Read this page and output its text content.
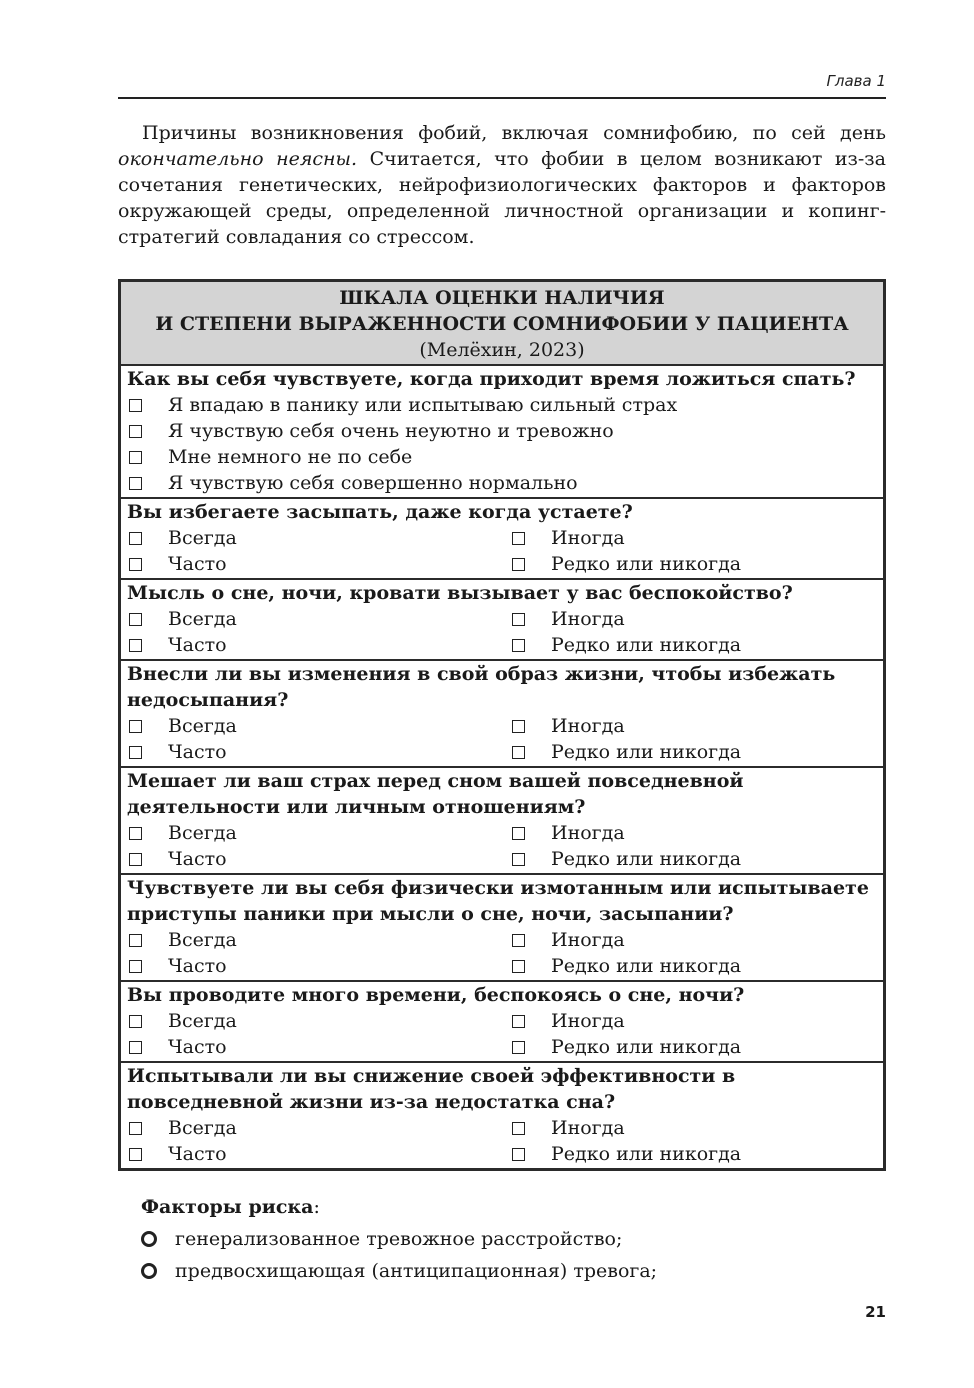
Глава 1

Причины возникновения фобий, включая сомнифобию, по сей день окончательно неясны. Считается, что фобии в целом возникают из-за сочетания генетических, нейрофизиологических факторов и факторов окружающей среды, определенной личностной организации и копинг-стратегий совладания со стрессом.

ШКАЛА ОЦЕНКИ НАЛИЧИЯ
И СТЕПЕНИ ВЫРАЖЕННОСТИ СОМНИФОБИИ У ПАЦИЕНТА
(Мелёхин, 2023)
Как вы себя чувствуете, когда приходит время ложиться спать?
Я впадаю в панику или испытываю сильный страх
Я чувствую себя очень неуютно и тревожно
Мне немного не по себе
Я чувствую себя совершенно нормально
Вы избегаете засыпать, даже когда устаете?
Всегда	Иногда
Часто	Редко или никогда
Мысль о сне, ночи, кровати вызывает у вас беспокойство?
Всегда	Иногда
Часто	Редко или никогда
Внесли ли вы изменения в свой образ жизни, чтобы избежать недосыпания?
Всегда	Иногда
Часто	Редко или никогда
Мешает ли ваш страх перед сном вашей повседневной деятельности или личным отношениям?
Всегда	Иногда
Часто	Редко или никогда
Чувствуете ли вы себя физически измотанным или испытываете приступы паники при мысли о сне, ночи, засыпании?
Всегда	Иногда
Часто	Редко или никогда
Вы проводите много времени, беспокоясь о сне, ночи?
Всегда	Иногда
Часто	Редко или никогда
Испытывали ли вы снижение своей эффективности в повседневной жизни из-за недостатка сна?
Всегда	Иногда
Часто	Редко или никогда
Факторы риска:
генерализованное тревожное расстройство;
предвосхищающая (антиципационная) тревога;
21
